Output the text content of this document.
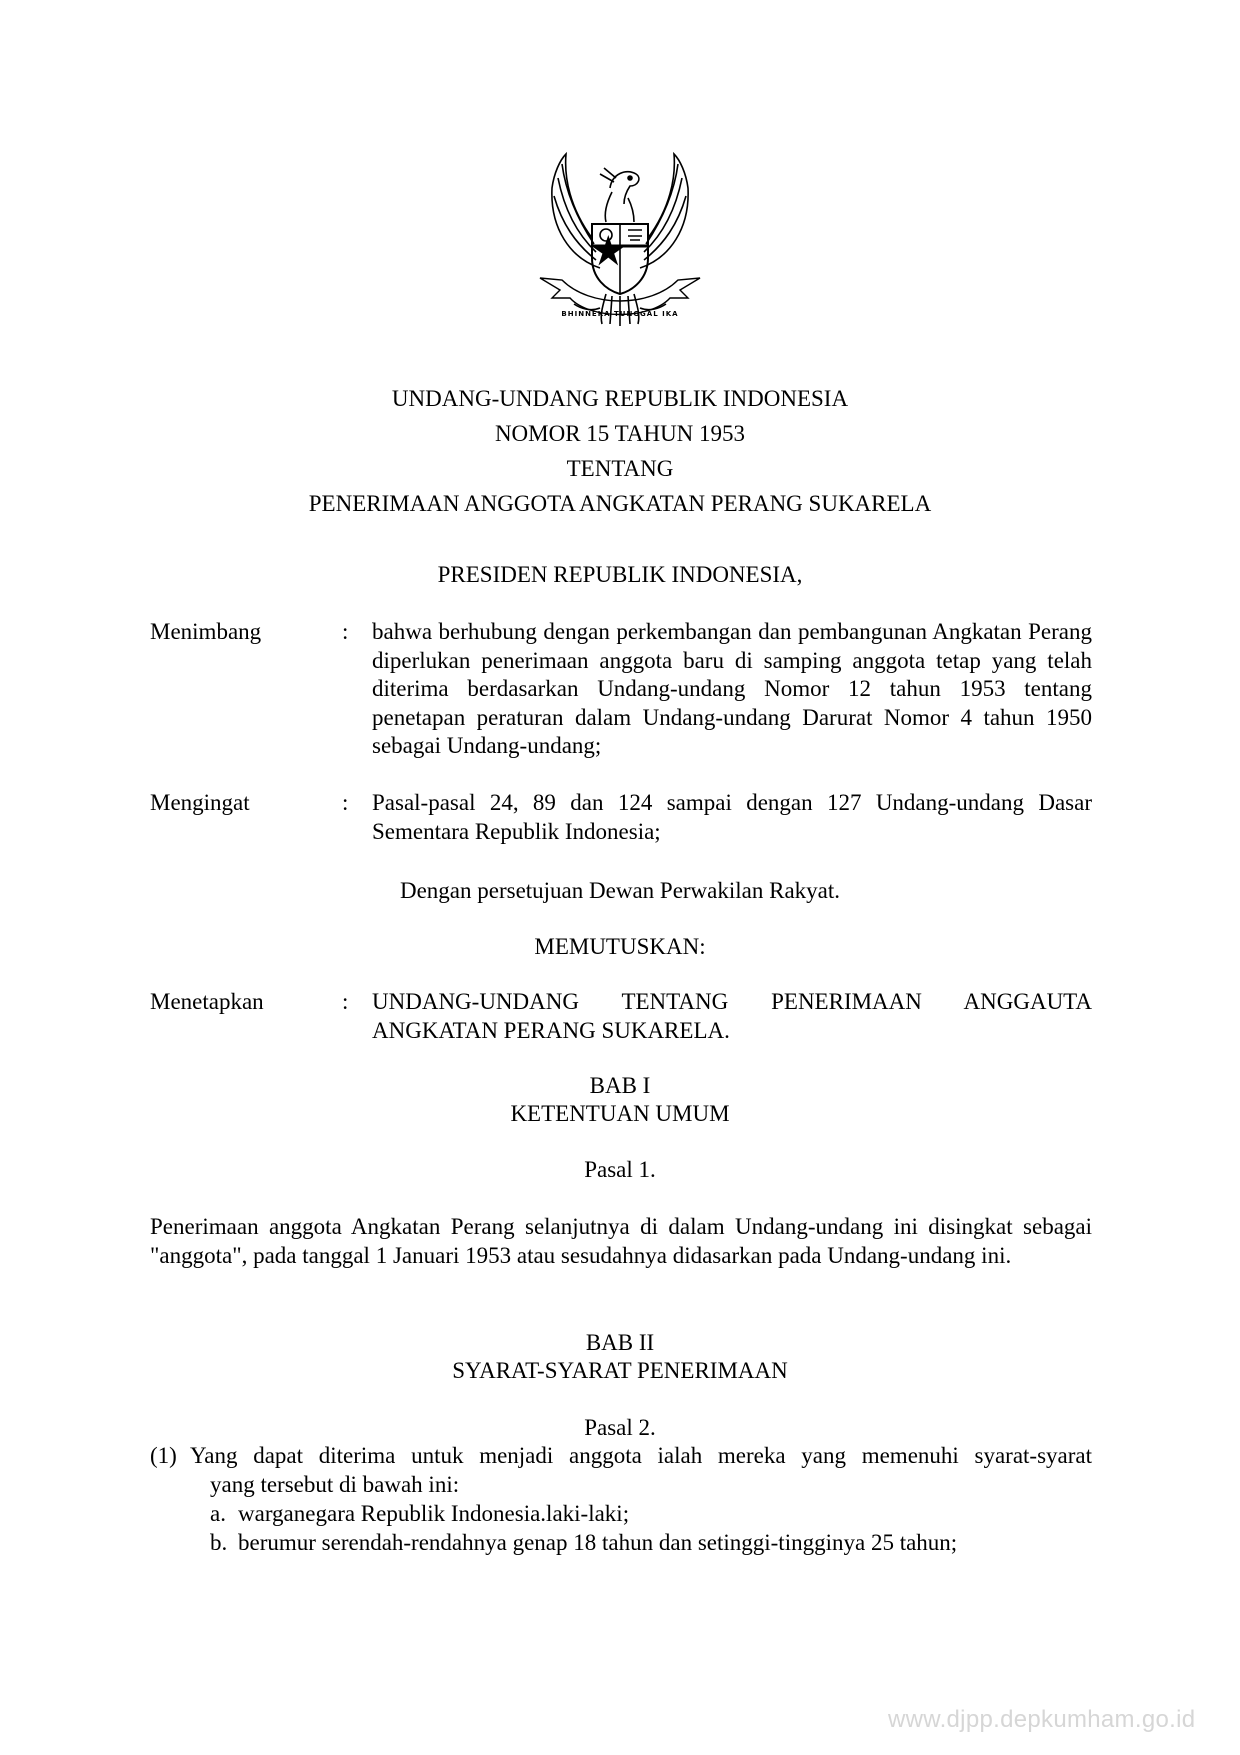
BHINNEKA TUNGGAL IKA
UNDANG-UNDANG REPUBLIK INDONESIA
NOMOR 15 TAHUN 1953
TENTANG
PENERIMAAN ANGGOTA ANGKATAN PERANG SUKARELA
PRESIDEN REPUBLIK INDONESIA,
Menimbang	: bahwa berhubung dengan perkembangan dan pembangunan Angkatan Perang diperlukan penerimaan anggota baru di samping anggota tetap yang telah diterima berdasarkan Undang-undang Nomor 12 tahun 1953 tentang penetapan peraturan dalam Undang-undang Darurat Nomor 4 tahun 1950 sebagai Undang-undang;
Mengingat	: Pasal-pasal 24, 89 dan 124 sampai dengan 127 Undang-undang Dasar Sementara Republik Indonesia;
Dengan persetujuan Dewan Perwakilan Rakyat.
MEMUTUSKAN:
Menetapkan	: UNDANG-UNDANG TENTANG PENERIMAAN ANGGAUTA ANGKATAN PERANG SUKARELA.
BAB I
KETENTUAN UMUM
Pasal 1.
Penerimaan anggota Angkatan Perang selanjutnya di dalam Undang-undang ini disingkat sebagai "anggota", pada tanggal 1 Januari 1953 atau sesudahnya didasarkan pada Undang-undang ini.
BAB II
SYARAT-SYARAT PENERIMAAN
Pasal 2.
(1) Yang dapat diterima untuk menjadi anggota ialah mereka yang memenuhi syarat-syarat
yang tersebut di bawah ini:
a. warganegara Republik Indonesia.laki-laki;
b. berumur serendah-rendahnya genap 18 tahun dan setinggi-tingginya 25 tahun;
www.djpp.depkumham.go.id
